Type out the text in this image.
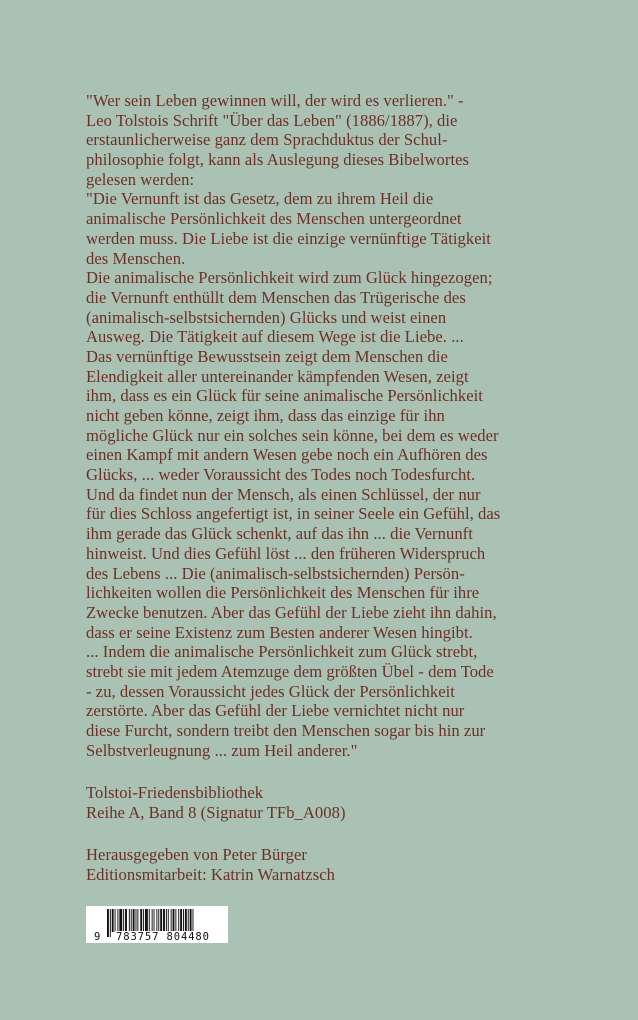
"Wer sein Leben gewinnen will, der wird es verlieren." -
Leo Tolstois Schrift "Über das Leben" (1886/1887), die
erstaunlicherweise ganz dem Sprachduktus der Schul-
philosophie folgt, kann als Auslegung dieses Bibelwortes
gelesen werden:
"Die Vernunft ist das Gesetz, dem zu ihrem Heil die
animalische Persönlichkeit des Menschen untergeordnet
werden muss. Die Liebe ist die einzige vernünftige Tätigkeit
des Menschen.
Die animalische Persönlichkeit wird zum Glück hingezogen;
die Vernunft enthüllt dem Menschen das Trügerische des
(animalisch-selbstsichernden) Glücks und weist einen
Ausweg. Die Tätigkeit auf diesem Wege ist die Liebe. ...
Das vernünftige Bewusstsein zeigt dem Menschen die
Elendigkeit aller untereinander kämpfenden Wesen, zeigt
ihm, dass es ein Glück für seine animalische Persönlichkeit
nicht geben könne, zeigt ihm, dass das einzige für ihn
mögliche Glück nur ein solches sein könne, bei dem es weder
einen Kampf mit andern Wesen gebe noch ein Aufhören des
Glücks, ... weder Voraussicht des Todes noch Todesfurcht.
Und da findet nun der Mensch, als einen Schlüssel, der nur
für dies Schloss angefertigt ist, in seiner Seele ein Gefühl, das
ihm gerade das Glück schenkt, auf das ihn ... die Vernunft
hinweist. Und dies Gefühl löst ... den früheren Widerspruch
des Lebens ... Die (animalisch-selbstsichernden) Persön-
lichkeiten wollen die Persönlichkeit des Menschen für ihre
Zwecke benutzen. Aber das Gefühl der Liebe zieht ihn dahin,
dass er seine Existenz zum Besten anderer Wesen hingibt.
... Indem die animalische Persönlichkeit zum Glück strebt,
strebt sie mit jedem Atemzuge dem größten Übel - dem Tode
- zu, dessen Voraussicht jedes Glück der Persönlichkeit
zerstörte. Aber das Gefühl der Liebe vernichtet nicht nur
diese Furcht, sondern treibt den Menschen sogar bis hin zur
Selbstverleugnung ... zum Heil anderer."
Tolstoi-Friedensbibliothek
Reihe A, Band 8 (Signatur TFb_A008)
Herausgegeben von Peter Bürger
Editionsmitarbeit: Katrin Warnatzsch
9 783757 804480
